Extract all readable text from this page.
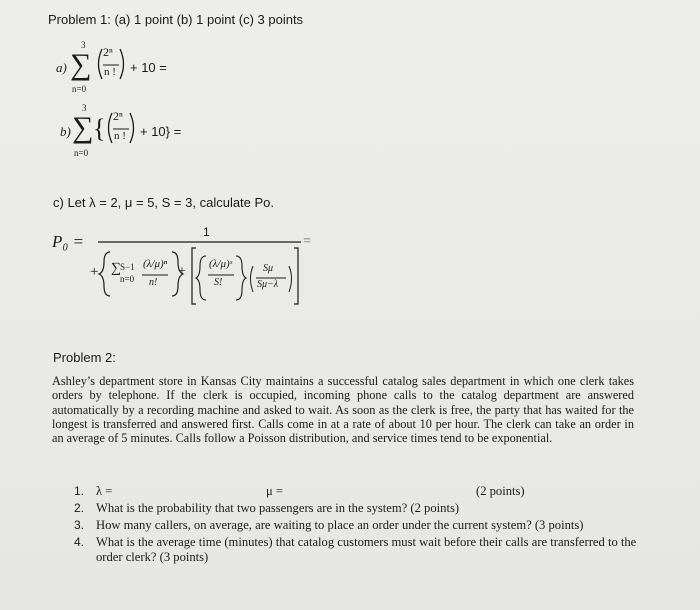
Problem 1: (a) 1 point (b) 1 point (c) 3 points
a)
3
∑
n=0
2ⁿ
n ! + 10 =
b)
3
∑
n=0
{ 2ⁿ
n ! + 10} =
c) Let λ = 2, μ = 5, S = 3, calculate Po.
P₀ =	1
+ ∑ S−1
n=0
(λ/μ)ⁿ
n!
+ (λ/μ)ˢ
S!
Sμ
Sμ−λ
=
Problem 2:
Ashley’s department store in Kansas City maintains a successful catalog sales department in which one clerk takes orders by telephone. If the clerk is occupied, incoming phone calls to the catalog department are answered automatically by a recording machine and asked to wait. As soon as the clerk is free, the party that has waited for the longest is transferred and answered first. Calls come in at a rate of about 10 per hour. The clerk can take an order in an average of 5 minutes. Calls follow a Poisson distribution, and service times tend to be exponential.
1. λ =	μ =	(2 points)
2. What is the probability that two passengers are in the system? (2 points)
3. How many callers, on average, are waiting to place an order under the current system? (3 points)
4. What is the average time (minutes) that catalog customers must wait before their calls are transferred to the order clerk? (3 points)
